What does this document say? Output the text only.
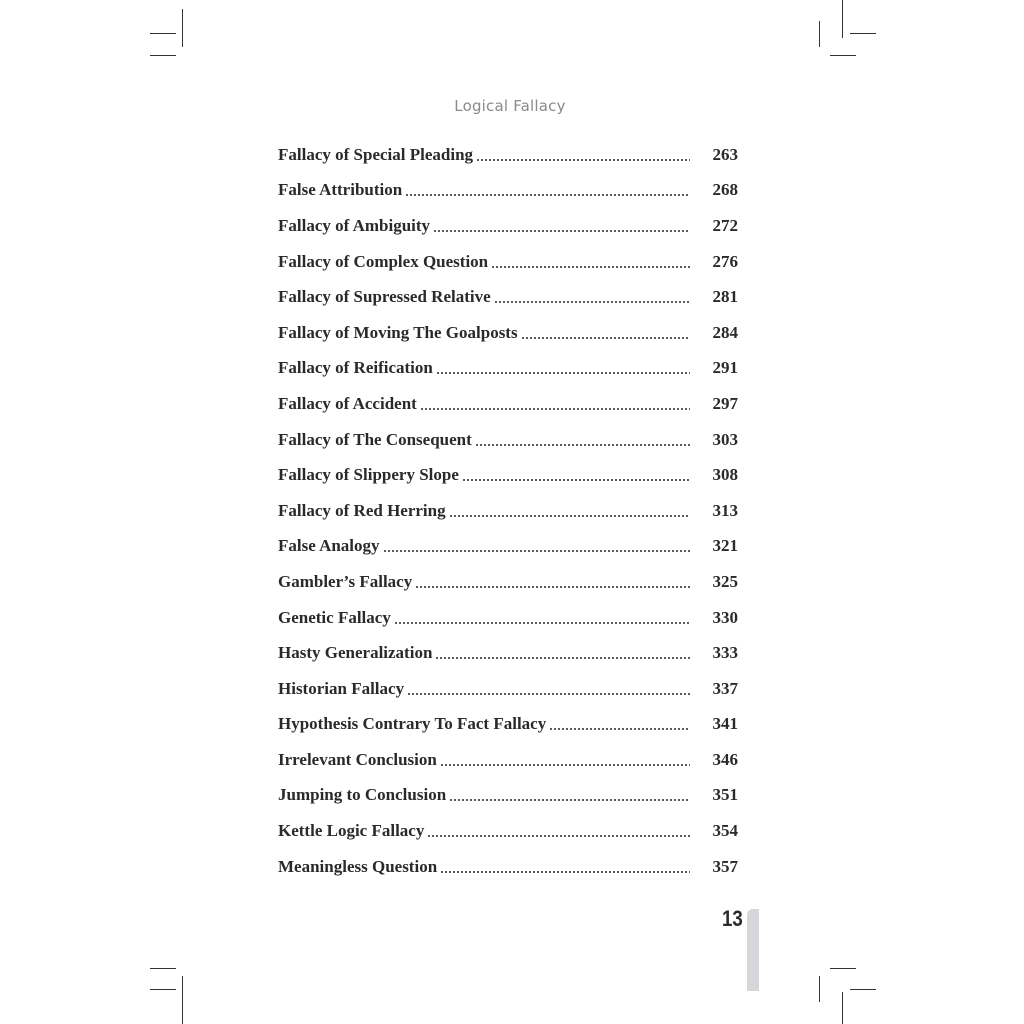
Logical Fallacy
Fallacy of Special Pleading	263
False Attribution	268
Fallacy of Ambiguity	272
Fallacy of Complex Question	276
Fallacy of Supressed Relative	281
Fallacy of Moving The Goalposts	284
Fallacy of Reification	291
Fallacy of Accident	297
Fallacy of The Consequent	303
Fallacy of Slippery Slope	308
Fallacy of Red Herring	313
False Analogy	321
Gambler’s Fallacy	325
Genetic Fallacy	330
Hasty Generalization	333
Historian Fallacy	337
Hypothesis Contrary To Fact Fallacy	341
Irrelevant Conclusion	346
Jumping to Conclusion	351
Kettle Logic Fallacy	354
Meaningless Question	357
13
